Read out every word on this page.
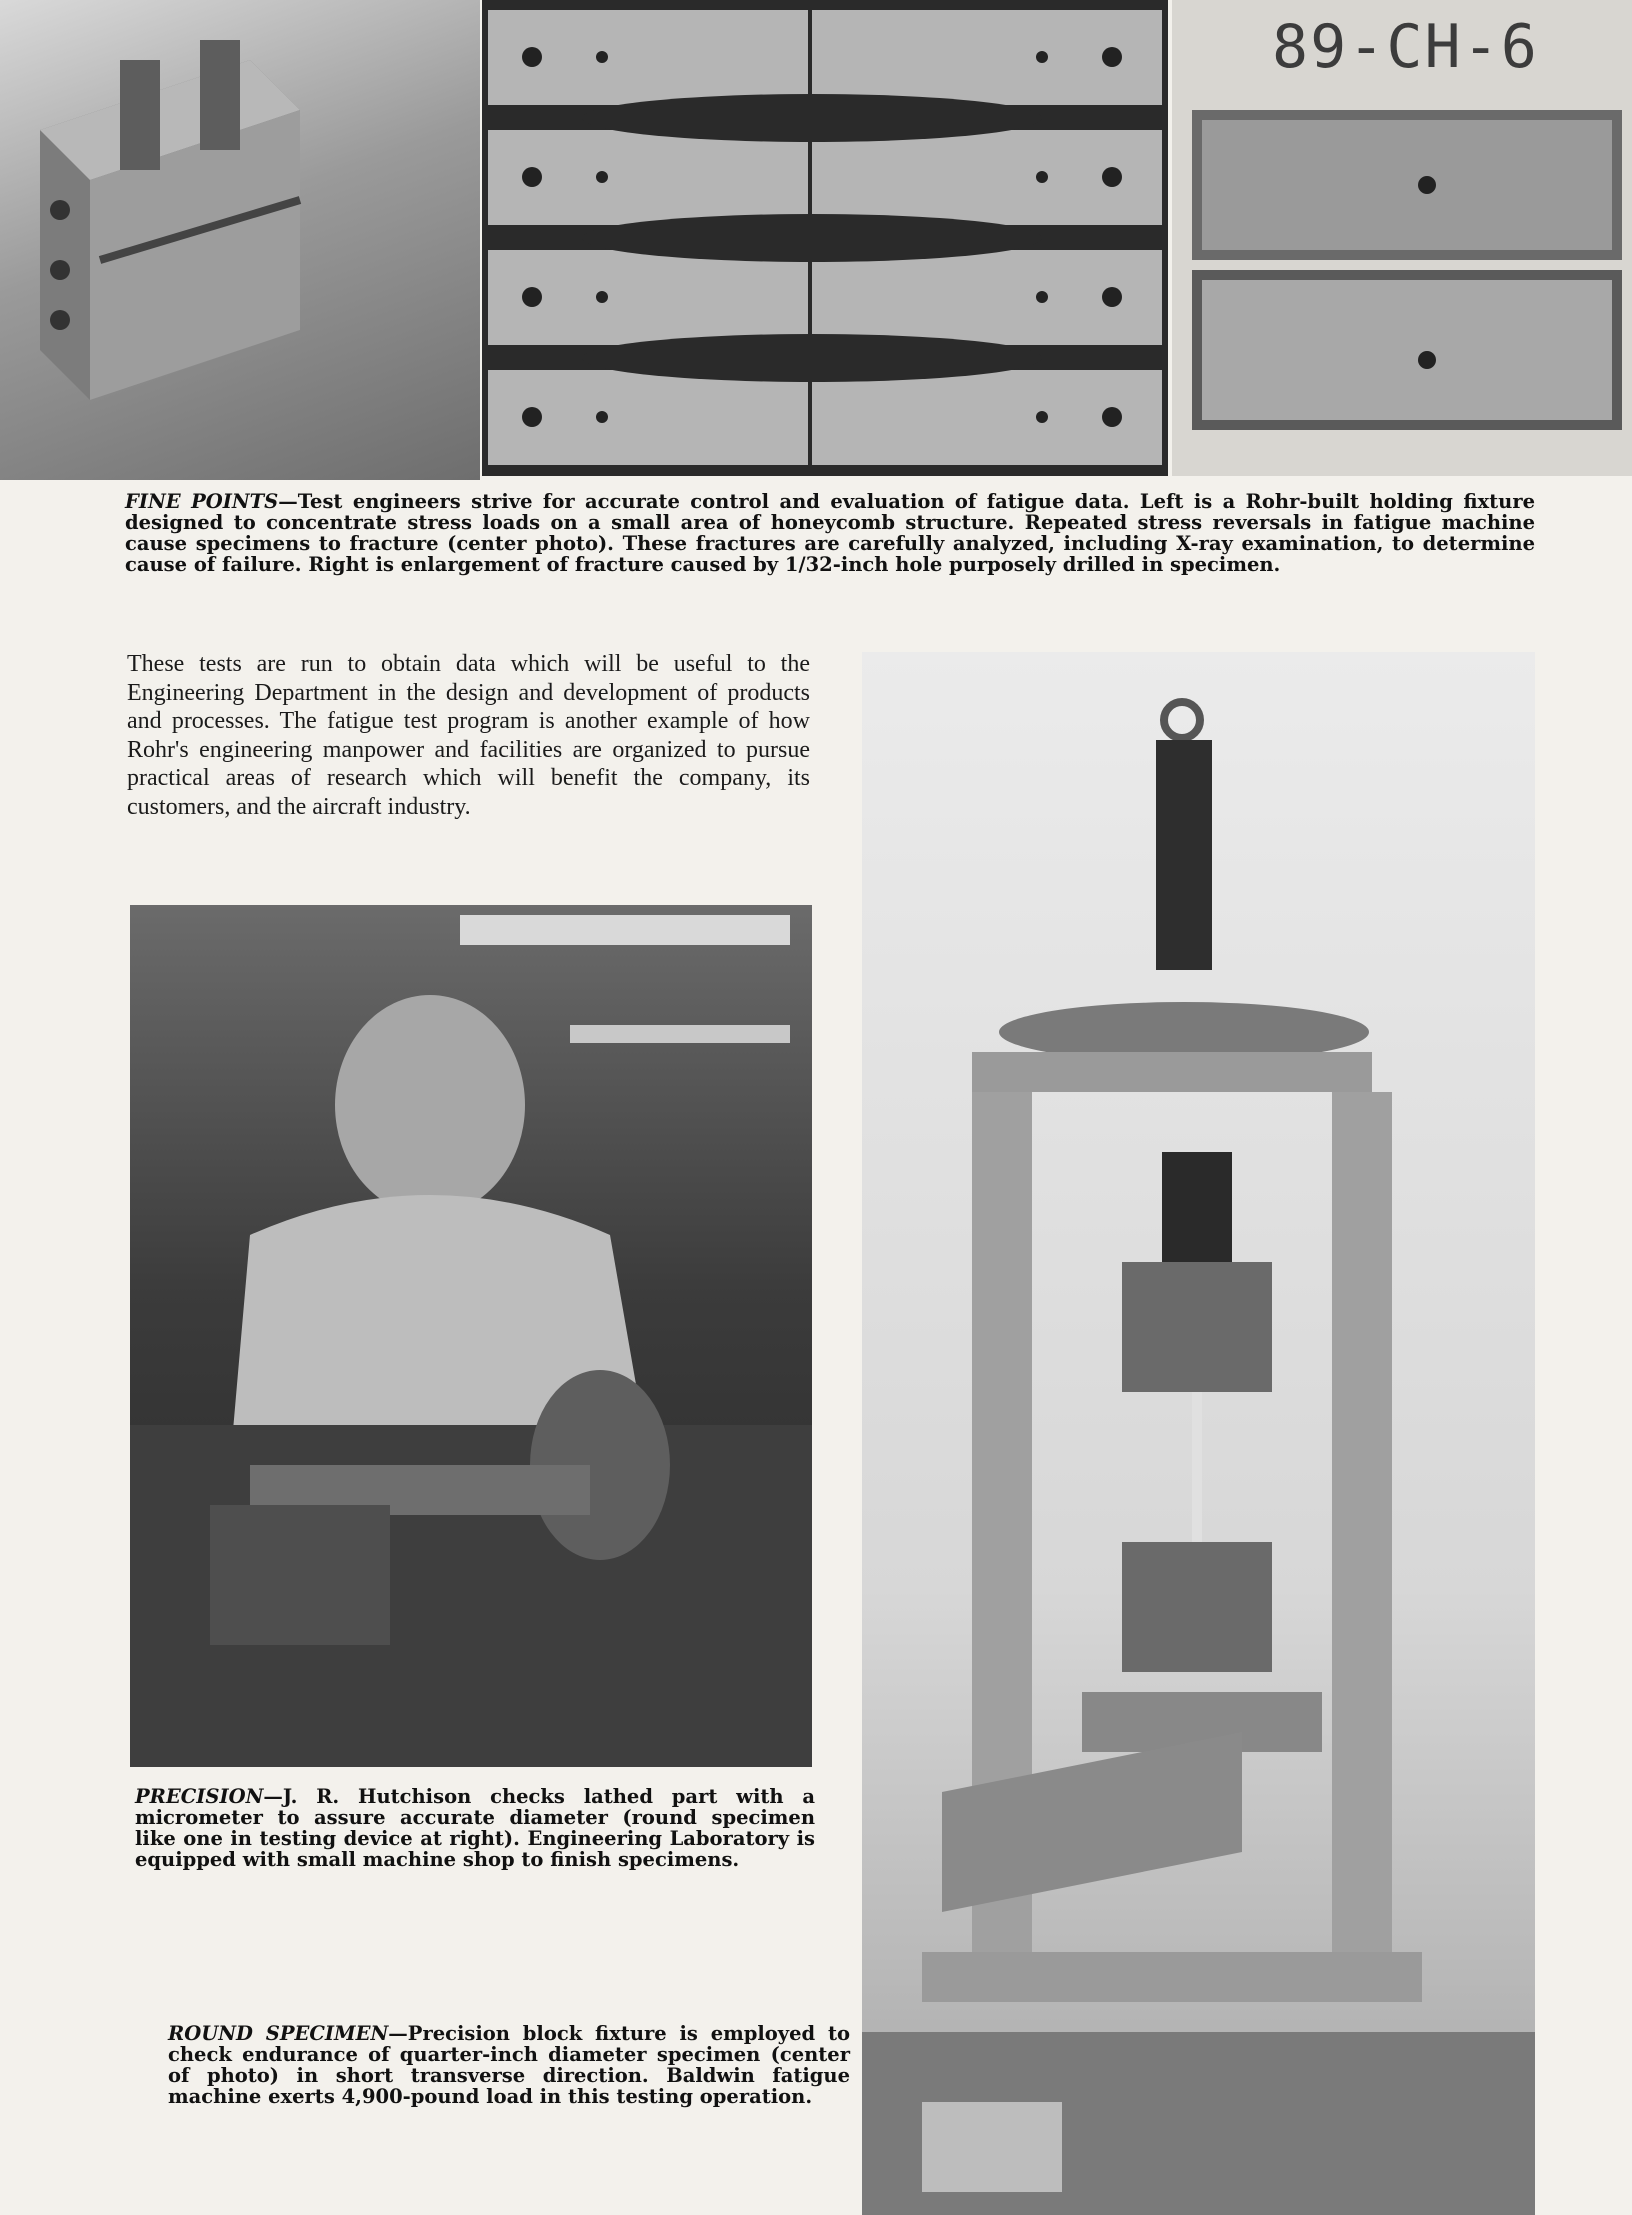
89-CH-6
FINE POINTS—Test engineers strive for accurate control and evaluation of fatigue data. Left is a Rohr-built holding fixture designed to concentrate stress loads on a small area of honeycomb structure. Repeated stress reversals in fatigue machine cause specimens to fracture (center photo). These fractures are carefully analyzed, including X-ray examination, to determine cause of failure. Right is enlargement of fracture caused by 1/32-inch hole purposely drilled in specimen.
These tests are run to obtain data which will be useful to the Engineering Department in the design and development of products and processes. The fatigue test program is another example of how Rohr's engineering manpower and facilities are organized to pursue practical areas of research which will benefit the company, its customers, and the aircraft industry.
PRECISION—J. R. Hutchison checks lathed part with a micrometer to assure accurate diameter (round specimen like one in testing device at right). Engineering Laboratory is equipped with small machine shop to finish specimens.
ROUND SPECIMEN—Precision block fixture is employed to check endurance of quarter-inch diameter specimen (center of photo) in short transverse direction. Baldwin fatigue machine exerts 4,900-pound load in this testing operation.
